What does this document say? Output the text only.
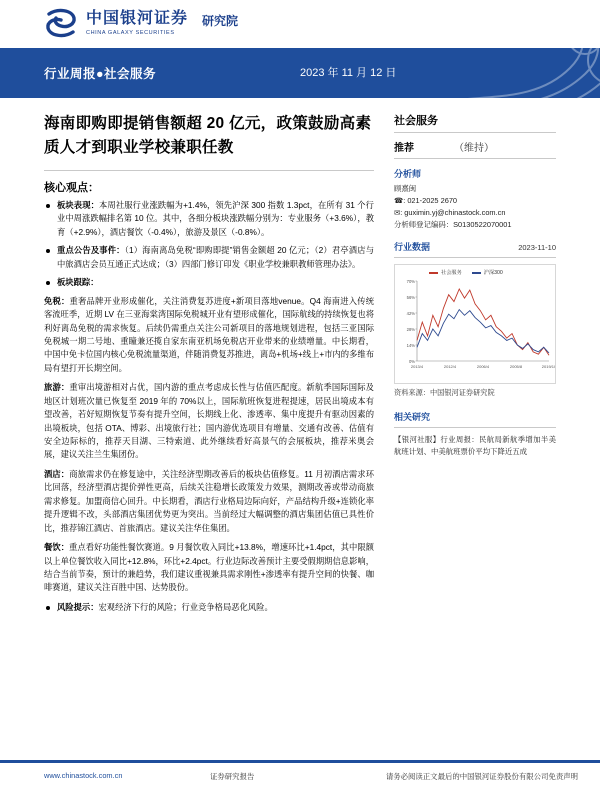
中国银河证券
CHINA GALAXY SECURITIES
研究院
行业周报●社会服务	2023 年 11 月 12 日
海南即购即提销售额超 20 亿元，政策鼓励高素质人才到职业学校兼职任教
核心观点：
板块表现：本周社服行业涨跌幅为+1.4%，领先沪深 300 指数 1.3pct，在所有 31 个行业中周涨跌幅排名第 10 位。其中，各细分板块涨跌幅分别为：专业服务（+3.6%），教育（+2.9%），酒店餐饮（-0.4%），旅游及景区（-0.8%）。
重点公告及事件：（1）海南离岛免税“即购即提”销售金额超 20 亿元；（2）君亭酒店与中旅酒店会员互通正式达成；（3）四部门修订印发《职业学校兼职教师管理办法》。
板块跟踪：

免税：重奢品牌开业形成催化，关注消费复苏进度+新项目落地venue。Q4 海南进入传统客流旺季，近期 LV 在三亚海棠湾国际免税城开业有望形成催化，国际航线的持续恢复也将利好离岛免税的需求恢复。后续仍需重点关注公司新项目的落地规划进程，包括三亚国际免税城一期二号地、重瞳兼还揽自家东南亚机场免税店开业带来的业绩增量。中长期看，中国中免卡位国内核心免税流量渠道，伴随消费复苏推进，离岛+机场+线上+市内的多维布局有望打开长期空间。

旅游：重审出境游相对占优，国内游的重点考虑成长性与估值匹配度。新航季国际国际及地区计划班次量已恢复至 2019 年的 70%以上，国际航班恢复进程提速，居民出境成本有望改善，若好短期恢复节奏有提升空间，长期线上化、渗透率、集中度提升有驱动因素的出境板块，包括 OTA、博彩、出境旅行社；国内游优选项目有增量、交通有改善、估值有安全边际标的，推荐天目湖、三特索道、此外继续看好高景气的会展板块，推荐米奥会展，建议关注兰生集团份。

酒店：商旅需求仍在修复途中，关注经济型期改善后的板块估值修复。11 月初酒店需求环比回落，经济型酒店提价弹性更高，后续关注稳增长政策发力效果，测期改善或带动商旅需求修复。加盟商信心回升。中长期看，酒店行业格局边际向好，产品结构升级+连锁化率提升逻辑不改，头部酒店集团优势更为突出。当前经过大幅调整的酒店集团估值已具性价比，推荐锦江酒店、首旅酒店。建议关注华住集团。

餐饮：重点看好功能性餐饮赛道。9 月餐饮收入同比+13.8%，增速环比+1.4pct，其中限额以上单位餐饮收入同比+12.8%，环比+2.4pct。行业边际改善预计主要受假期期信息影响，结合当前节奏，预计的兼趋势，我们建议重视兼具需求刚性+渗透率有提升空间的快餐、咖啡赛道，建议关注百胜中国、达势股份。

风险提示：宏观经济下行的风险；行业竞争格局恶化风险。
社会服务
推荐	（维持）
分析师
顾熹闽
☎: 021-2025 2670
✉: guximin.yj@chinastock.com.cn
分析师登记编码：S0130522070001
行业数据	2023-11-10
社会服务	沪深300
0%
14%
28%
42%
56%
70%
2013/4	2012/4	2006/4	2005/8	2019/10
资料来源：中国银河证券研究院
相关研究
【银河社服】行业周报：民航局新航季增加半美航班计划、中美航班票价平均下降近五成
www.chinastock.com.cn	证券研究报告	请务必阅读正文最后的中国银河证券股份有限公司免责声明
